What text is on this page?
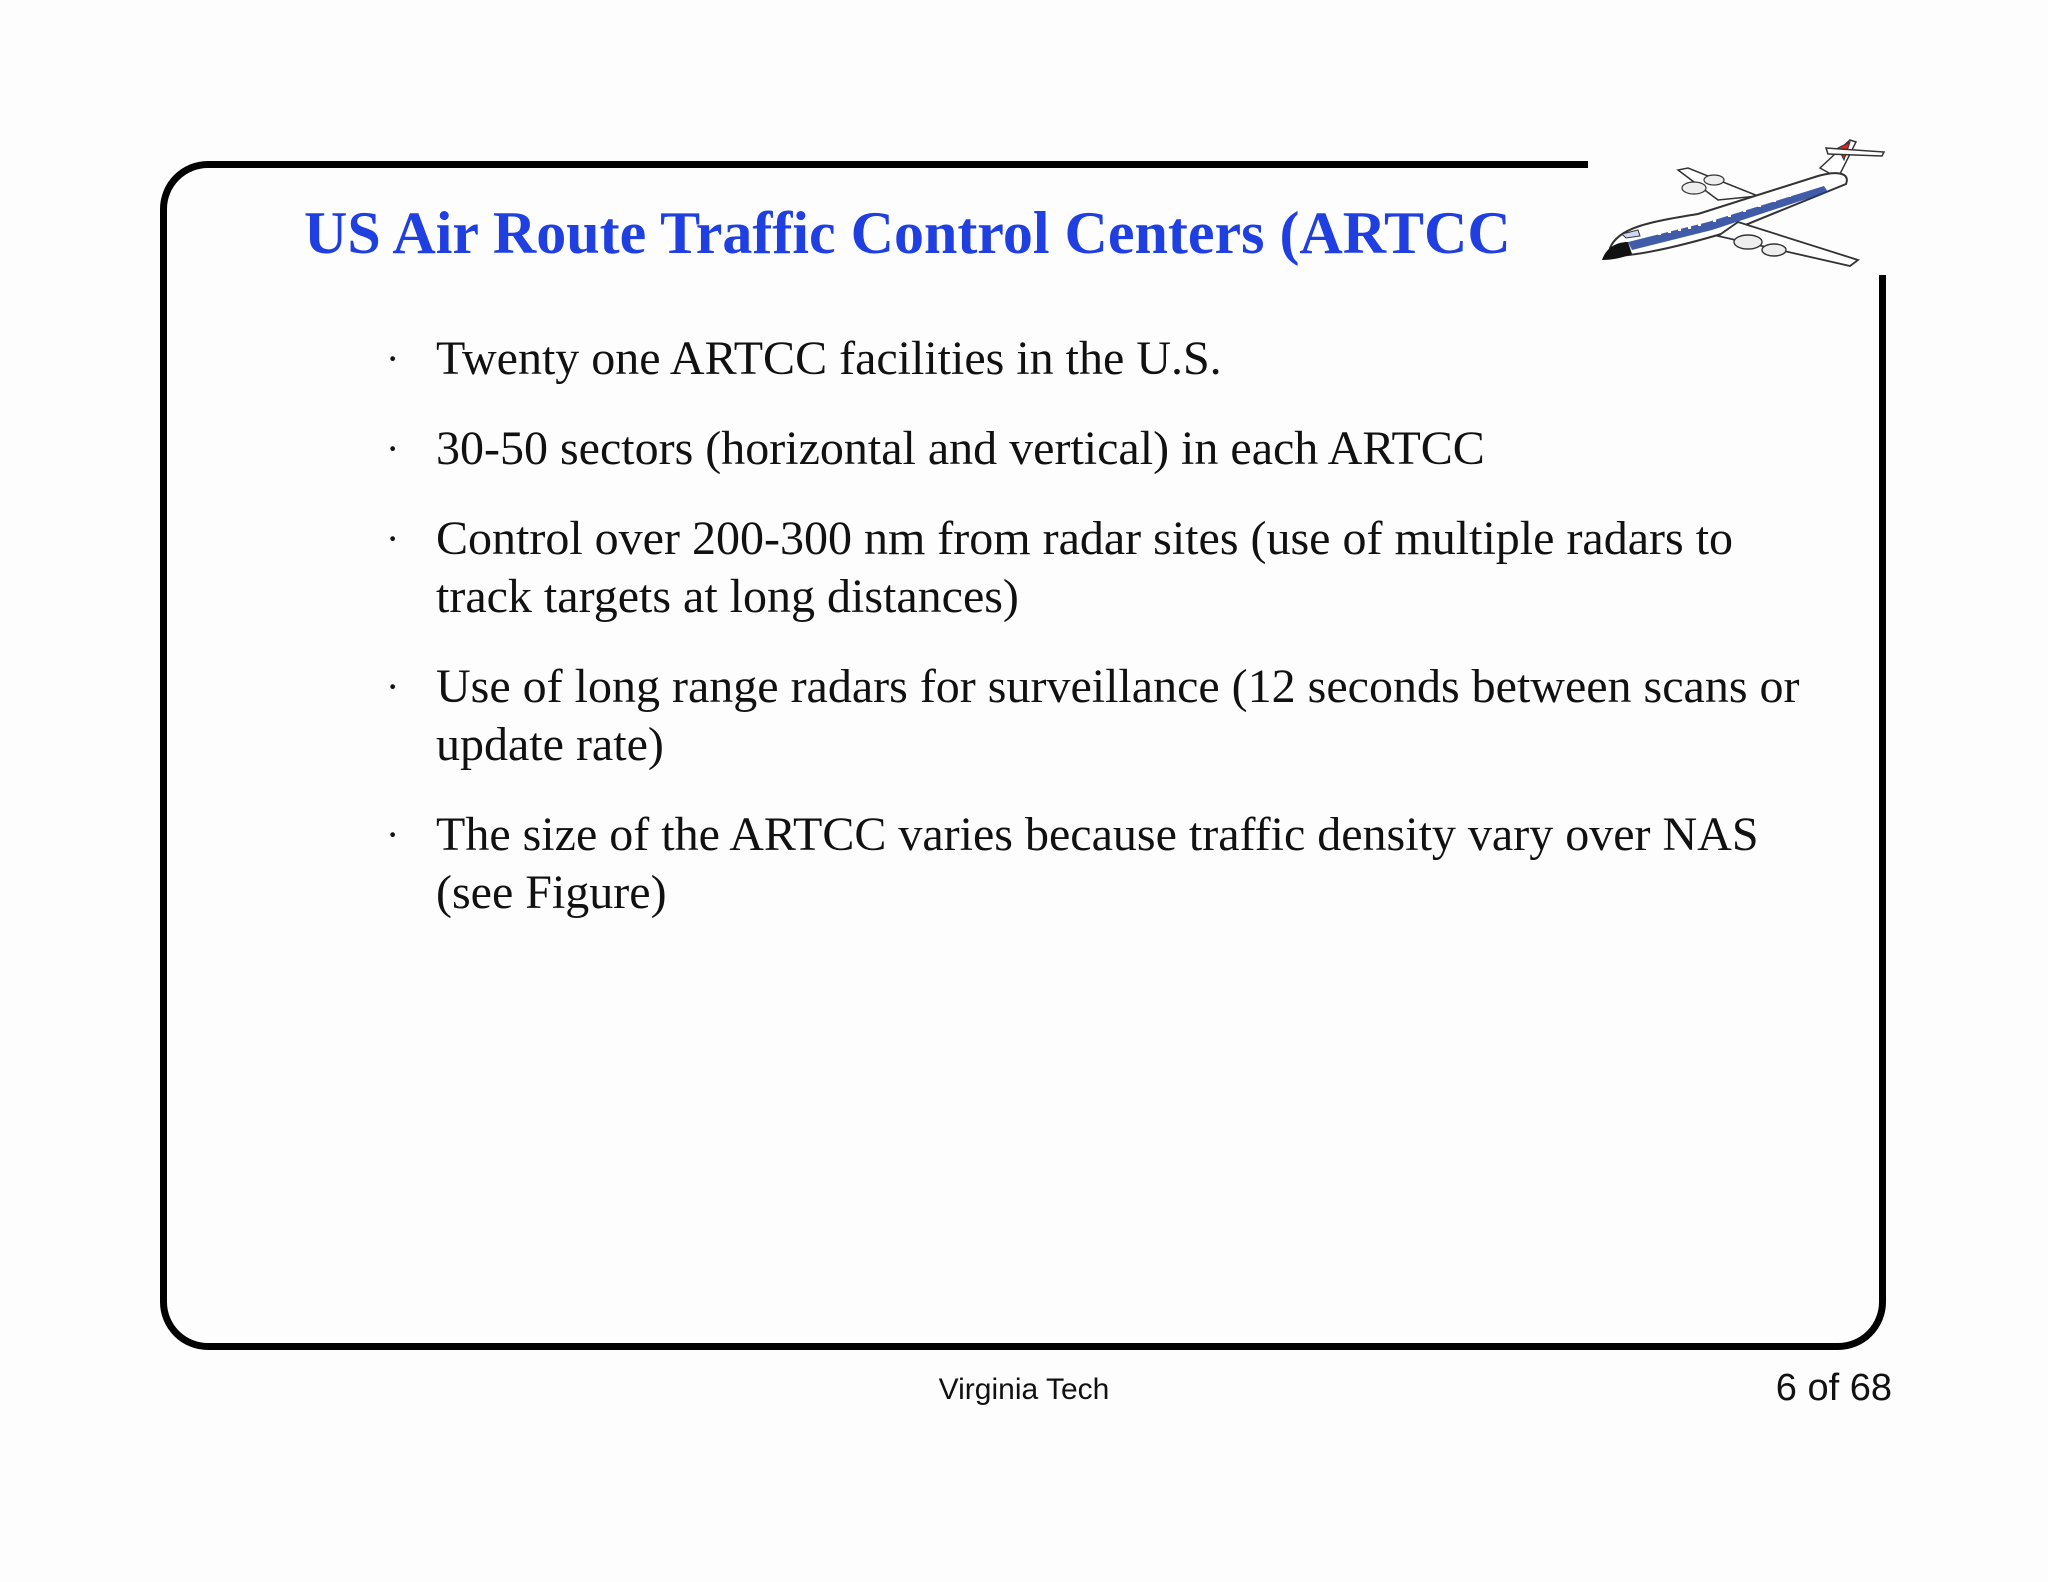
US Air Route Traffic Control Centers (ARTCC
· Twenty one ARTCC facilities in the U.S.
· 30-50 sectors (horizontal and vertical) in each ARTCC
· Control over 200-300 nm from radar sites (use of multiple radars to track targets at long distances)
· Use of long range radars for surveillance (12 seconds between scans or update rate)
· The size of the ARTCC varies because traffic density vary over NAS (see Figure)
Virginia Tech	6 of 68
